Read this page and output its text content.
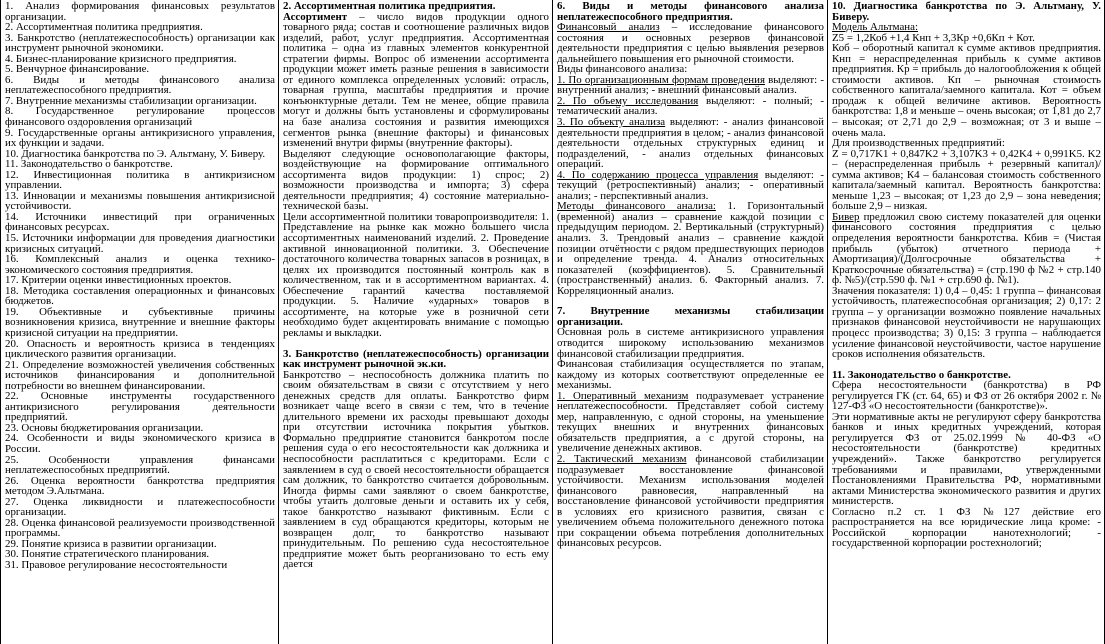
1. Анализ формирования финансовых результатов организации.

2. Ассортиментная политика предприятия.

3. Банкротство (неплатежеспособность) организации как инструмент рыночной экономики.

4. Бизнес-планирование кризисного предприятия.

5. Венчурное финансирование.

6. Виды и методы финансового анализа неплатежеспособного предприятия.

7. Внутренние механизмы стабилизации организации.

8. Государственное регулирование процессов финансового оздоровления организаций

9. Государственные органы антикризисного управления, их функции и задачи.

10. Диагностика банкротства по Э. Альтману, У. Биверу.

11. Законодательство о банкротстве.

12. Инвестиционная политика в антикризисном управлении.

13. Инновации и механизмы повышения антикризисной устойчивости.

14. Источники инвестиций при ограниченных финансовых ресурсах.

15. Источники информации для проведения диагностики кризисных ситуаций.

16. Комплексный анализ и оценка технико-экономического состояния предприятия.

17. Критерии оценки инвестиционных проектов.

18. Методика составления операционных и финансовых бюджетов.

19. Объективные и субъективные причины возникновения кризиса, внутренние и внешние факторы кризисной ситуации на предприятии.

20. Опасность и вероятность кризиса в тенденциях циклического развития организации.

21. Определение возможностей увеличения собственных источников финансирования и дополнительной потребности во внешнем финансировании.

22. Основные инструменты государственного антикризисного регулирования деятельности предприятий.

23. Основы бюджетирования организации.

24. Особенности и виды экономического кризиса в России.

25. Особенности управления финансами неплатежеспособных предприятий.

26. Оценка вероятности банкротства предприятия методом Э.Альтмана.

27. Оценка ликвидности и платежеспособности организации.

28. Оценка финансовой реализуемости производственной программы.

29. Понятие кризиса в развитии организации.

30. Понятие стратегического планирования.

31. Правовое регулирование несостоятельности

2. Ассортиментная политика предприятия.

Ассортимент – число видов продукции одного товарного ряда; состав и соотношение различных видов изделий, работ, услуг предприятия. Ассортиментная политика – одна из главных элементов конкурентной стратегии фирмы. Вопрос об изменении ассортимента продукции может иметь разные решения в зависимости от единого комплекса определенных условий: отрасль, товарная группа, масштабы предприятия и прочие конъюнктурные детали. Тем не менее, общие правила могут и должны быть установлены и сформулированы на базе анализа состояния и развития имеющихся сегментов рынка (внешние факторы) и финансовых изменений внутри фирмы (внутренние факторы).

Выделяют следующие основополагающие факторы, воздействующие на формирование оптимального ассортимента видов продукции: 1) спрос; 2) возможности производства и импорта; 3) сфера деятельности предприятия; 4) состояние материально-технической базы.

Цели ассортиментной политики товаропроизводителя: 1. Представление на рынке как можно большего числа ассортиментных наименований изделий. 2. Проведение активной инновационной политики. 3. Обеспечение достаточного количества товарных запасов в розницах, в целях их производится постоянный контроль как в количественном, так и в ассортиментном вариантах. 4. Обеспечение гарантий качества поставляемой продукции. 5. Наличие «ударных» товаров в ассортименте, на которые уже в розничной сети необходимо будет акцентировать внимание с помощью рекламы и выкладки.

3. Банкротство (неплатежеспособность) организации как инструмент рыночной эк.ки.

Банкротство – неспособность должника платить по своим обязательствам в связи с отсутствием у него денежных средств для оплаты. Банкротство фирм возникает чаще всего в связи с тем, что в течение длительного времени их расходы превышают доходы при отсутствии источника покрытия убытков. Формально предприятие становится банкротом после решения суда о его несостоятельности как должника и неспособности расплатиться с кредиторами. Если с заявлением в суд о своей несостоятельности обращается сам должник, то банкротство считается добровольным. Иногда фирмы сами заявляют о своем банкротстве, чтобы утаить долговые деньги и оставить их у себя, такое банкротство называют фиктивным. Если с заявлением в суд обращаются кредиторы, которым не возвращен долг, то банкротство называют принудительным. По решению суда несостоятельное предприятие может быть реорганизовано то есть ему дается

6. Виды и методы финансового анализа неплатежеспособного предприятия.

Финансовый анализ – исследование финансового состояния и основных резервов финансовой деятельности предприятия с целью выявления резервов дальнейшего повышения его рыночной стоимости.

Виды финансового анализа:

1. По организационным формам проведения выделяют: - внутренний анализ; - внешний финансовый анализ.

2. По объему исследования выделяют: - полный; - тематический анализ.

3. По объекту анализа выделяют: - анализ финансовой деятельности предприятия в целом; - анализ финансовой деятельности отдельных структурных единиц и подразделений, - анализ отдельных финансовых операций.

4. По содержанию процесса управления выделяют: - текущий (ретроспективный) анализ; - оперативный анализ; - перспективный анализ.

Методы финансового анализа: 1. Горизонтальный (временной) анализ – сравнение каждой позиции с предыдущим периодом. 2. Вертикальный (структурный) анализ. 3. Трендовый анализ – сравнение каждой позиции отчётности с рядом предшествующих периодов и определение тренда. 4. Анализ относительных показателей (коэффициентов). 5. Сравнительный (пространственный) анализ. 6. Факторный анализ. 7. Корреляционный анализ.

7. Внутренние механизмы стабилизации организации.

Основная роль в системе антикризисного управления отводится широкому использованию механизмов финансовой стабилизации предприятия.

Финансовая стабилизация осуществляется по этапам, каждому из которых соответствуют определенные ее механизмы.

1. Оперативный механизм подразумевает устранение неплатежеспособности. Представляет собой систему мер, направленную, с одной стороны, на уменьшение текущих внешних и внутренних финансовых обязательств предприятия, а с другой стороны, на увеличение денежных активов.

2. Тактический механизм финансовой стабилизации подразумевает восстановление финансовой устойчивости. Механизм использования моделей финансового равновесия, направленный на восстановление финансовой устойчивости предприятия в условиях его кризисного развития, связан с увеличением объема положительного денежного потока при сокращении объема потребления дополнительных финансовых ресурсов.

10. Диагностика банкротства по Э. Альтману, У. Биверу.

Модель Альтмана:

Z5 = 1,2Коб +1,4 Кнп + 3,3Кр +0,6Кп + Кот.

Коб – оборотный капитал к сумме активов предприятия. Кнп = нераспределенная прибыль к сумме активов предприятия. Кр = прибыль до налогообложения к общей стоимости активов. Кп – рыночная стоимость собственного капитала/заемного капитала. Кот = объем продаж к общей величине активов. Вероятность банкротства: 1,8 и меньше – очень высокая; от 1,81 до 2,7 – высокая; от 2,71 до 2,9 – возможная; от 3 и выше – очень мала.

Для производственных предприятий:

Z = 0,717K1 + 0,847K2 + 3,107K3 + 0,42K4 + 0,991K5. K2 – (нераспределенная прибыль + резервный капитал)/ сумма активов; К4 – балансовая стоимость собственного капитала/заемный капитал. Вероятность банкротства: меньше 1,23 – высокая; от 1,23 до 2,9 – зона неведения; больше 2,9 – низкая.

Бивер предложил свою систему показателей для оценки финансового состояния предприятия с целью определения вероятности банкротства. Кбив = (Чистая прибыль (убыток) отчетного периода + Амортизация)/(Долгосрочные обязательства + Краткосрочные обязательства) = (стр.190 ф №2 + стр.140 ф. №5)/(стр.590 ф. №1 + стр.690 ф. №1).

Значения показателя: 1) 0,4 – 0,45: 1 группа – финансовая устойчивость, платежеспособная организация; 2) 0,17: 2 группа – у организации возможно появление начальных признаков финансовой неустойчивости не нарушающих процесс производства; 3) 0,15: 3 группа – наблюдается усиление финансовой неустойчивости, частое нарушение сроков исполнения обязательств.

11. Законодательство о банкротстве.

Сфера несостоятельности (банкротства) в РФ регулируется ГК (ст. 64, 65) и ФЗ от 26 октября 2002 г. № 127-ФЗ «О несостоятельности (банкротстве)».

Эти нормативные акты не регулируют сферу банкротства банков и иных кредитных учреждений, которая регулируется ФЗ от 25.02.1999 № 40-ФЗ «О несостоятельности (банкротстве) кредитных учреждений». Также банкротство регулируется требованиями и правилами, утвержденными Постановлениями Правительства РФ, нормативными актами Министерства экономического развития и других министерств.

Согласно п.2 ст. 1 ФЗ №127 действие его распространяется на все юридические лица кроме: - Российской корпорации нанотехнологий; - государственной корпорации ростехнологий;
